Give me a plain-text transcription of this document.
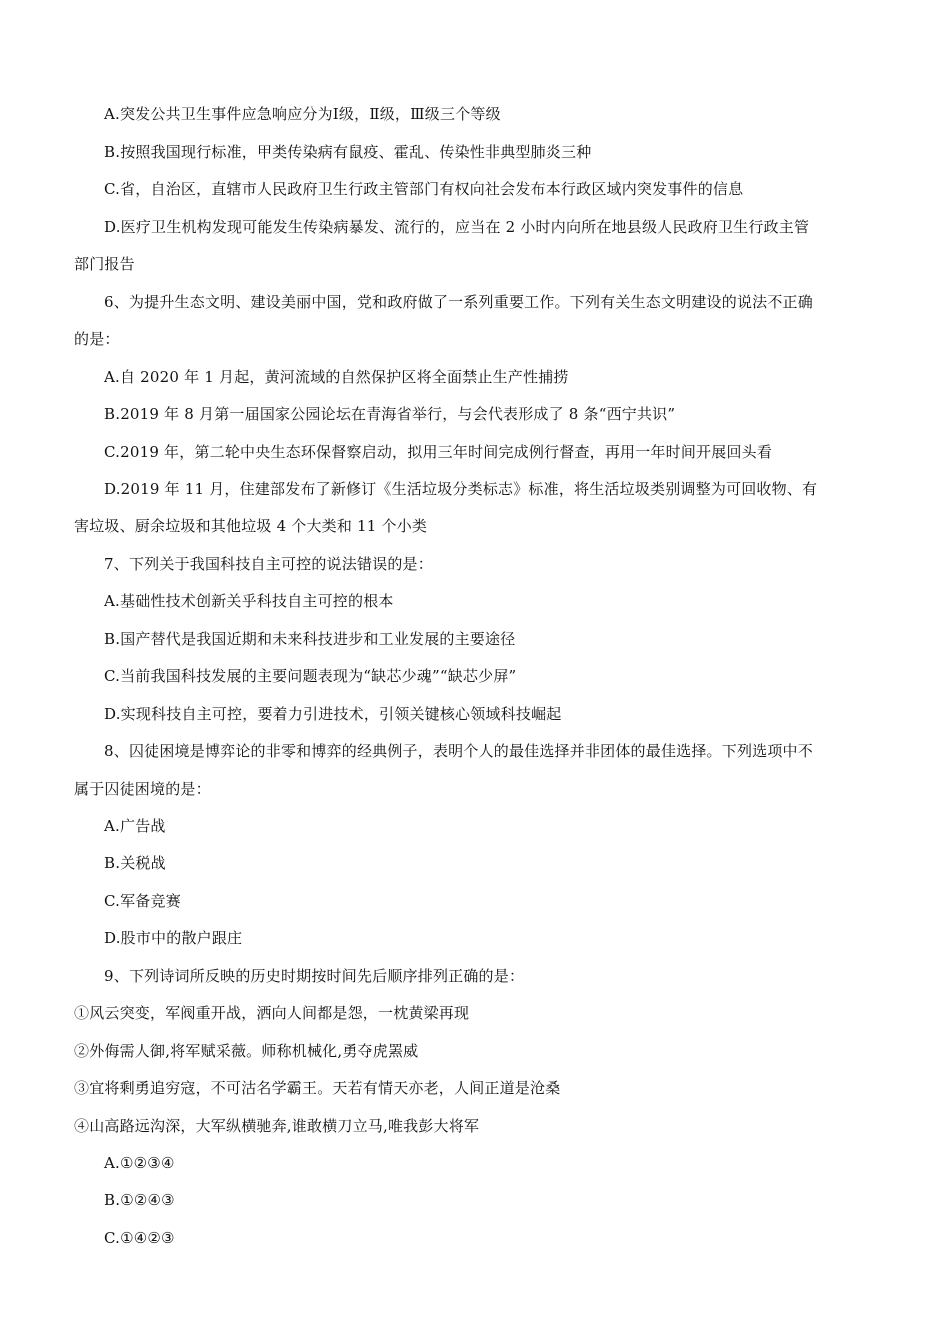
A.突发公共卫生事件应急响应分为Ⅰ级，Ⅱ级，Ⅲ级三个等级
B.按照我国现行标准，甲类传染病有鼠疫、霍乱、传染性非典型肺炎三种
C.省，自治区，直辖市人民政府卫生行政主管部门有权向社会发布本行政区域内突发事件的信息
D.医疗卫生机构发现可能发生传染病暴发、流行的，应当在 2 小时内向所在地县级人民政府卫生行政主管
部门报告
6、为提升生态文明、建设美丽中国，党和政府做了一系列重要工作。下列有关生态文明建设的说法不正确
的是：
A.自 2020 年 1 月起，黄河流域的自然保护区将全面禁止生产性捕捞
B.2019 年 8 月第一届国家公园论坛在青海省举行，与会代表形成了 8 条“西宁共识”
C.2019 年，第二轮中央生态环保督察启动，拟用三年时间完成例行督查，再用一年时间开展回头看
D.2019 年 11 月，住建部发布了新修订《生活垃圾分类标志》标准，将生活垃圾类别调整为可回收物、有
害垃圾、厨余垃圾和其他垃圾 4 个大类和 11 个小类
7、下列关于我国科技自主可控的说法错误的是：
A.基础性技术创新关乎科技自主可控的根本
B.国产替代是我国近期和未来科技进步和工业发展的主要途径
C.当前我国科技发展的主要问题表现为“缺芯少魂”“缺芯少屏”
D.实现科技自主可控，要着力引进技术，引领关键核心领域科技崛起
8、囚徒困境是博弈论的非零和博弈的经典例子，表明个人的最佳选择并非团体的最佳选择。下列选项中不
属于囚徒困境的是：
A.广告战
B.关税战
C.军备竞赛
D.股市中的散户跟庄
9、下列诗词所反映的历史时期按时间先后顺序排列正确的是：
①风云突变，军阀重开战，洒向人间都是怨，一枕黄梁再现
②外侮需人御,将军赋采薇。师称机械化,勇夺虎罴威
③宜将剩勇追穷寇，不可沽名学霸王。天若有情天亦老，人间正道是沧桑
④山高路远沟深，大军纵横驰奔,谁敢横刀立马,唯我彭大将军
A.①②③④
B.①②④③
C.①④②③
